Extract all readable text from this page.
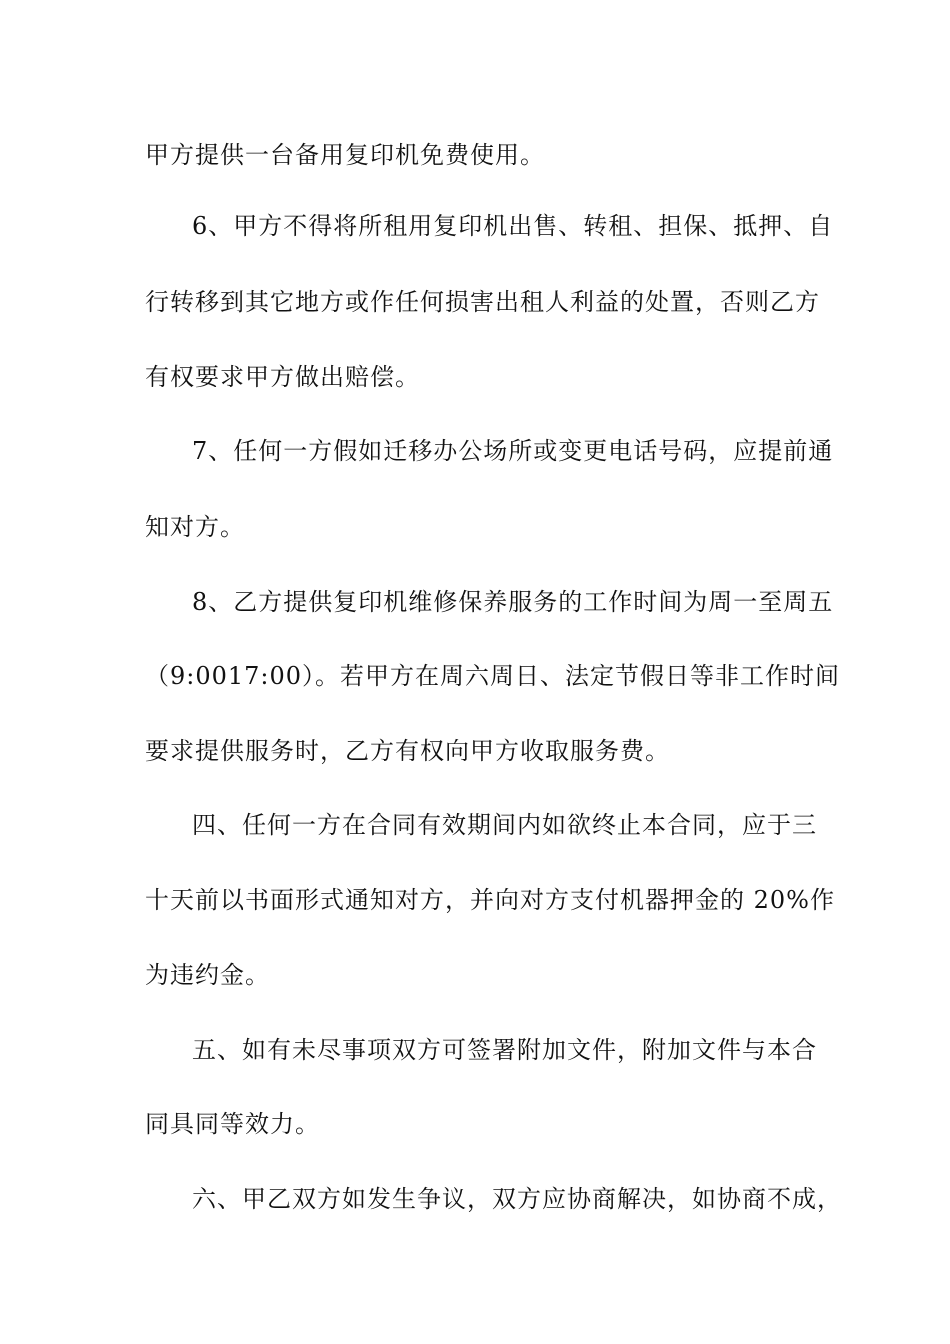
甲方提供一台备用复印机免费使用。

6、甲方不得将所租用复印机出售、转租、担保、抵押、自

行转移到其它地方或作任何损害出租人利益的处置，否则乙方

有权要求甲方做出赔偿。

7、任何一方假如迁移办公场所或变更电话号码，应提前通

知对方。

8、乙方提供复印机维修保养服务的工作时间为周一至周五

（9:0017:00）。若甲方在周六周日、法定节假日等非工作时间

要求提供服务时，乙方有权向甲方收取服务费。

四、任何一方在合同有效期间内如欲终止本合同，应于三

十天前以书面形式通知对方，并向对方支付机器押金的 20%作

为违约金。

五、如有未尽事项双方可签署附加文件，附加文件与本合

同具同等效力。

六、甲乙双方如发生争议，双方应协商解决，如协商不成，
